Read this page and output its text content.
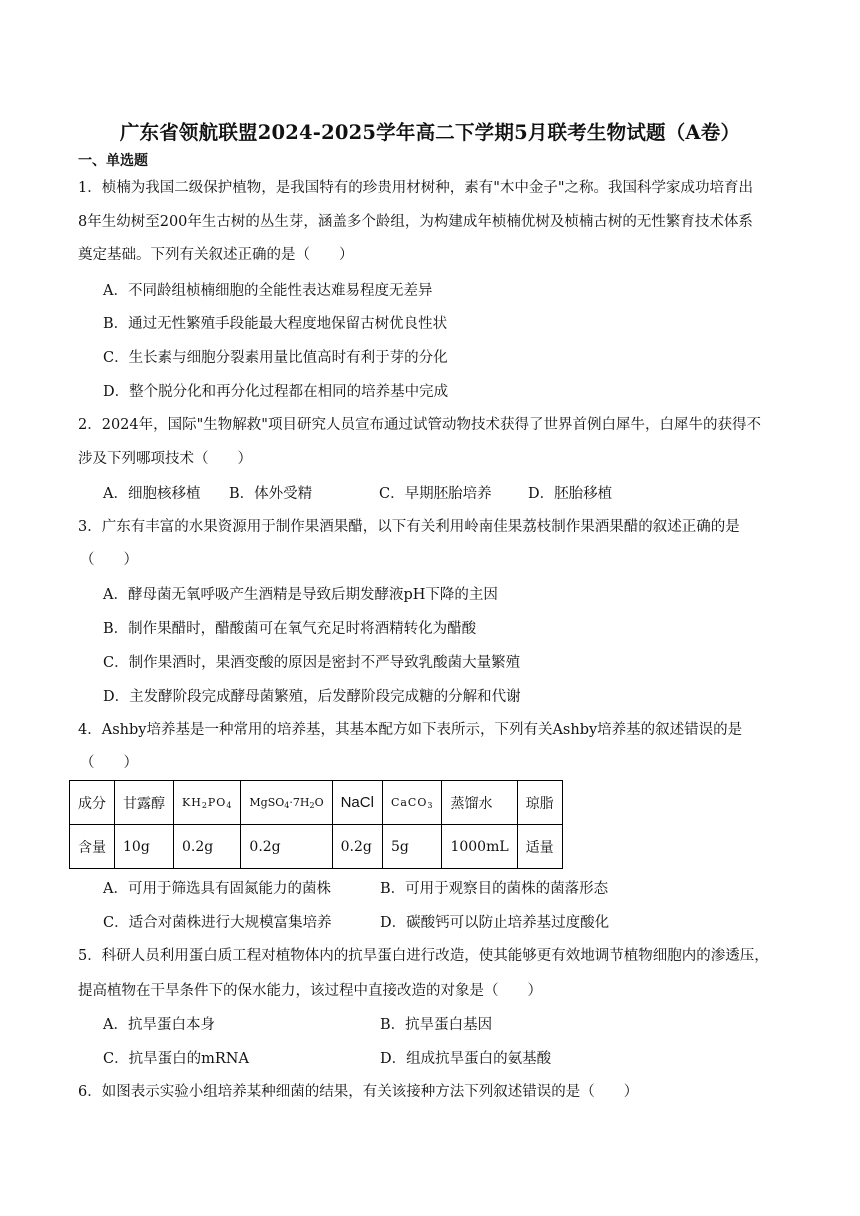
广东省领航联盟2024-2025学年高二下学期5月联考生物试题（A卷）
一、单选题
1．桢楠为我国二级保护植物，是我国特有的珍贵用材树种，素有"木中金子"之称。我国科学家成功培育出
8年生幼树至200年生古树的丛生芽，涵盖多个龄组，为构建成年桢楠优树及桢楠古树的无性繁育技术体系
奠定基础。下列有关叙述正确的是（　　）
A．不同龄组桢楠细胞的全能性表达难易程度无差异
B．通过无性繁殖手段能最大程度地保留古树优良性状
C．生长素与细胞分裂素用量比值高时有利于芽的分化
D．整个脱分化和再分化过程都在相同的培养基中完成
2．2024年，国际"生物解救"项目研究人员宣布通过试管动物技术获得了世界首例白犀牛，白犀牛的获得不
涉及下列哪项技术（　　）
A．细胞核移植 B．体外受精	C．早期胚胎培养	D．胚胎移植
3．广东有丰富的水果资源用于制作果酒果醋，以下有关利用岭南佳果荔枝制作果酒果醋的叙述正确的是
（　　）
A．酵母菌无氧呼吸产生酒精是导致后期发酵液pH下降的主因
B．制作果醋时，醋酸菌可在氧气充足时将酒精转化为醋酸
C．制作果酒时，果酒变酸的原因是密封不严导致乳酸菌大量繁殖
D．主发酵阶段完成酵母菌繁殖，后发酵阶段完成糖的分解和代谢
4．Ashby培养基是一种常用的培养基，其基本配方如下表所示，下列有关Ashby培养基的叙述错误的是
（　　）
成分	甘露醇	$KH_2PO_4$	$MgSO_4\cdot 7H_2O$	NaCl	CaCO$_3$	蒸馏水	琼脂
含量	10g	0.2g	0.2g	0.2g	5g	1000mL	适量
A．可用于筛选具有固氮能力的菌株	B．可用于观察目的菌株的菌落形态
C．适合对菌株进行大规模富集培养	D．碳酸钙可以防止培养基过度酸化
5．科研人员利用蛋白质工程对植物体内的抗旱蛋白进行改造，使其能够更有效地调节植物细胞内的渗透压，
提高植物在干旱条件下的保水能力，该过程中直接改造的对象是（　　）
A．抗旱蛋白本身	B．抗旱蛋白基因
C．抗旱蛋白的mRNA	D．组成抗旱蛋白的氨基酸
6．如图表示实验小组培养某种细菌的结果，有关该接种方法下列叙述错误的是（　　）
